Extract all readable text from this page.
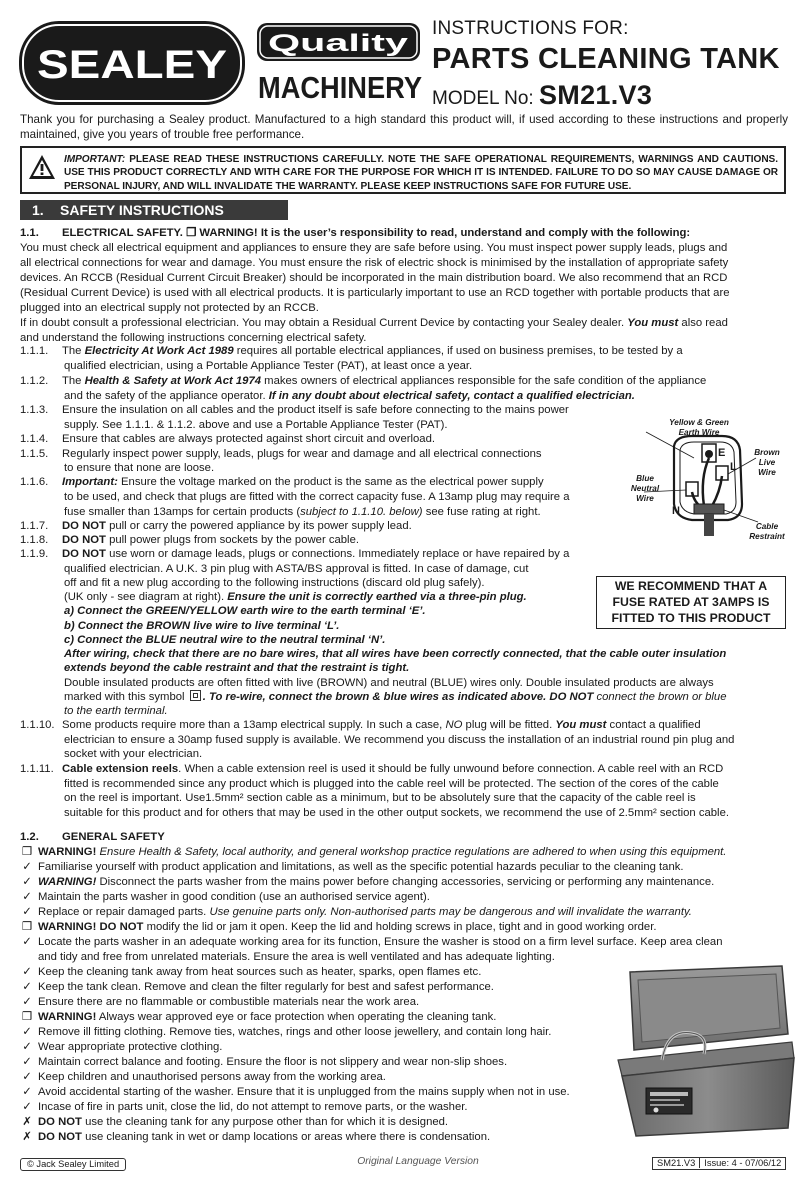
SEALEY Quality
MACHINERY
INSTRUCTIONS FOR:
PARTS CLEANING TANK
MODEL No: SM21.V3
Thank you for purchasing a Sealey product. Manufactured to a high standard this product will, if used according to these instructions and properly maintained, give you years of trouble free performance.
IMPORTANT: PLEASE READ THESE INSTRUCTIONS CAREFULLY. NOTE THE SAFE OPERATIONAL REQUIREMENTS, WARNINGS AND CAUTIONS. USE THIS PRODUCT CORRECTLY AND WITH CARE FOR THE PURPOSE FOR WHICH IT IS INTENDED. FAILURE TO DO SO MAY CAUSE DAMAGE OR PERSONAL INJURY, AND WILL INVALIDATE THE WARRANTY. PLEASE KEEP INSTRUCTIONS SAFE FOR FUTURE USE.
1. SAFETY INSTRUCTIONS
1.1. ELECTRICAL SAFETY. ❒ WARNING! It is the user’s responsibility to read, understand and comply with the following:
You must check all electrical equipment and appliances to ensure they are safe before using. You must inspect power supply leads, plugs and
all electrical connections for wear and damage. You must ensure the risk of electric shock is minimised by the installation of appropriate safety
devices. An RCCB (Residual Current Circuit Breaker) should be incorporated in the main distribution board. We also recommend that an RCD
(Residual Current Device) is used with all electrical products. It is particularly important to use an RCD together with portable products that are
plugged into an electrical supply not protected by an RCCB.
If in doubt consult a professional electrician. You may obtain a Residual Current Device by contacting your Sealey dealer. You must also read
and understand the following instructions concerning electrical safety.
1.1.1. The Electricity At Work Act 1989 requires all portable electrical appliances, if used on business premises, to be tested by a
qualified electrician, using a Portable Appliance Tester (PAT), at least once a year.
1.1.2. The Health & Safety at Work Act 1974 makes owners of electrical appliances responsible for the safe condition of the appliance
and the safety of the appliance operator. If in any doubt about electrical safety, contact a qualified electrician.
1.1.3. Ensure the insulation on all cables and the product itself is safe before connecting to the mains power
supply. See 1.1.1. & 1.1.2. above and use a Portable Appliance Tester (PAT).
1.1.4. Ensure that cables are always protected against short circuit and overload.
1.1.5. Regularly inspect power supply, leads, plugs for wear and damage and all electrical connections
to ensure that none are loose.
1.1.6. Important: Ensure the voltage marked on the product is the same as the electrical power supply
to be used, and check that plugs are fitted with the correct capacity fuse. A 13amp plug may require a
fuse smaller than 13amps for certain products (subject to 1.1.10. below) see fuse rating at right.
1.1.7. DO NOT pull or carry the powered appliance by its power supply lead.
1.1.8. DO NOT pull power plugs from sockets by the power cable.
1.1.9. DO NOT use worn or damage leads, plugs or connections. Immediately replace or have repaired by a
qualified electrician. A U.K. 3 pin plug with ASTA/BS approval is fitted. In case of damage, cut
off and fit a new plug according to the following instructions (discard old plug safely).
(UK only - see diagram at right). Ensure the unit is correctly earthed via a three-pin plug.
a) Connect the GREEN/YELLOW earth wire to the earth terminal ‘E’.
b) Connect the BROWN live wire to live terminal ‘L’.
c) Connect the BLUE neutral wire to the neutral terminal ‘N’.
After wiring, check that there are no bare wires, that all wires have been correctly connected, that the cable outer insulation
extends beyond the cable restraint and that the restraint is tight.
Double insulated products are often fitted with live (BROWN) and neutral (BLUE) wires only. Double insulated products are always
marked with this symbol . To re-wire, connect the brown & blue wires as indicated above. DO NOT connect the brown or blue
to the earth terminal.
1.1.10. Some products require more than a 13amp electrical supply. In such a case, NO plug will be fitted. You must contact a qualified
electrician to ensure a 30amp fused supply is available. We recommend you discuss the installation of an industrial round pin plug and
socket with your electrician.
1.1.11. Cable extension reels. When a cable extension reel is used it should be fully unwound before connection. A cable reel with an RCD
fitted is recommended since any product which is plugged into the cable reel will be protected. The section of the cores of the cable
on the reel is important. Use1.5mm² section cable as a minimum, but to be absolutely sure that the capacity of the cable reel is
suitable for this product and for others that may be used in the other output sockets, we recommend the use of 2.5mm² section cable.
Yellow & Green
Earth Wire
Brown
Live
Wire
Blue
Neutral
Wire
Cable
Restraint
E
L
N
WE RECOMMEND THAT A
FUSE RATED AT 3AMPS IS
FITTED TO THIS PRODUCT
1.2. GENERAL SAFETY
❒ WARNING! Ensure Health & Safety, local authority, and general workshop practice regulations are adhered to when using this equipment.
✓ Familiarise yourself with product application and limitations, as well as the specific potential hazards peculiar to the cleaning tank.
✓ WARNING! Disconnect the parts washer from the mains power before changing accessories, servicing or performing any maintenance.
✓ Maintain the parts washer in good condition (use an authorised service agent).
✓ Replace or repair damaged parts. Use genuine parts only. Non-authorised parts may be dangerous and will invalidate the warranty.
❒ WARNING! DO NOT modify the lid or jam it open. Keep the lid and holding screws in place, tight and in good working order.
✓ Locate the parts washer in an adequate working area for its function, Ensure the washer is stood on a firm level surface. Keep area clean
and tidy and free from unrelated materials. Ensure the area is well ventilated and has adequate lighting.
✓ Keep the cleaning tank away from heat sources such as heater, sparks, open flames etc.
✓ Keep the tank clean. Remove and clean the filter regularly for best and safest performance.
✓ Ensure there are no flammable or combustible materials near the work area.
❒ WARNING! Always wear approved eye or face protection when operating the cleaning tank.
✓ Remove ill fitting clothing. Remove ties, watches, rings and other loose jewellery, and contain long hair.
✓ Wear appropriate protective clothing.
✓ Maintain correct balance and footing. Ensure the floor is not slippery and wear non-slip shoes.
✓ Keep children and unauthorised persons away from the working area.
✓ Avoid accidental starting of the washer. Ensure that it is unplugged from the mains supply when not in use.
✓ Incase of fire in parts unit, close the lid, do not attempt to remove parts, or the washer.
✗ DO NOT use the cleaning tank for any purpose other than for which it is designed.
✗ DO NOT use cleaning tank in wet or damp locations or areas where there is condensation.
© Jack Sealey Limited	Original Language Version	SM21.V3 Issue: 4 - 07/06/12
